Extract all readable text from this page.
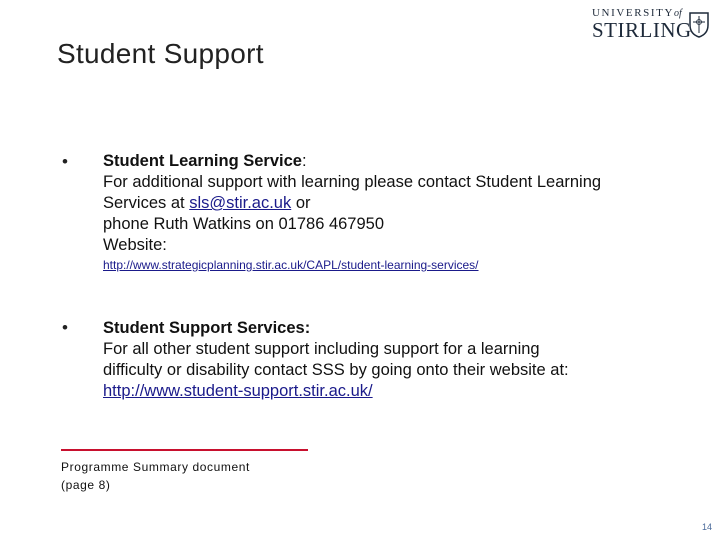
Student Support
UNIVERSITYof
STIRLING
• Student Learning Service:
For additional support with learning please contact Student Learning
Services at sls@stir.ac.uk or
phone Ruth Watkins on 01786 467950
Website:
http://www.strategicplanning.stir.ac.uk/CAPL/student-learning-services/
• Student Support Services:
For all other student support including support for a learning
difficulty or disability contact SSS by going onto their website at:
http://www.student-support.stir.ac.uk/
Programme Summary document
(page 8)
14
